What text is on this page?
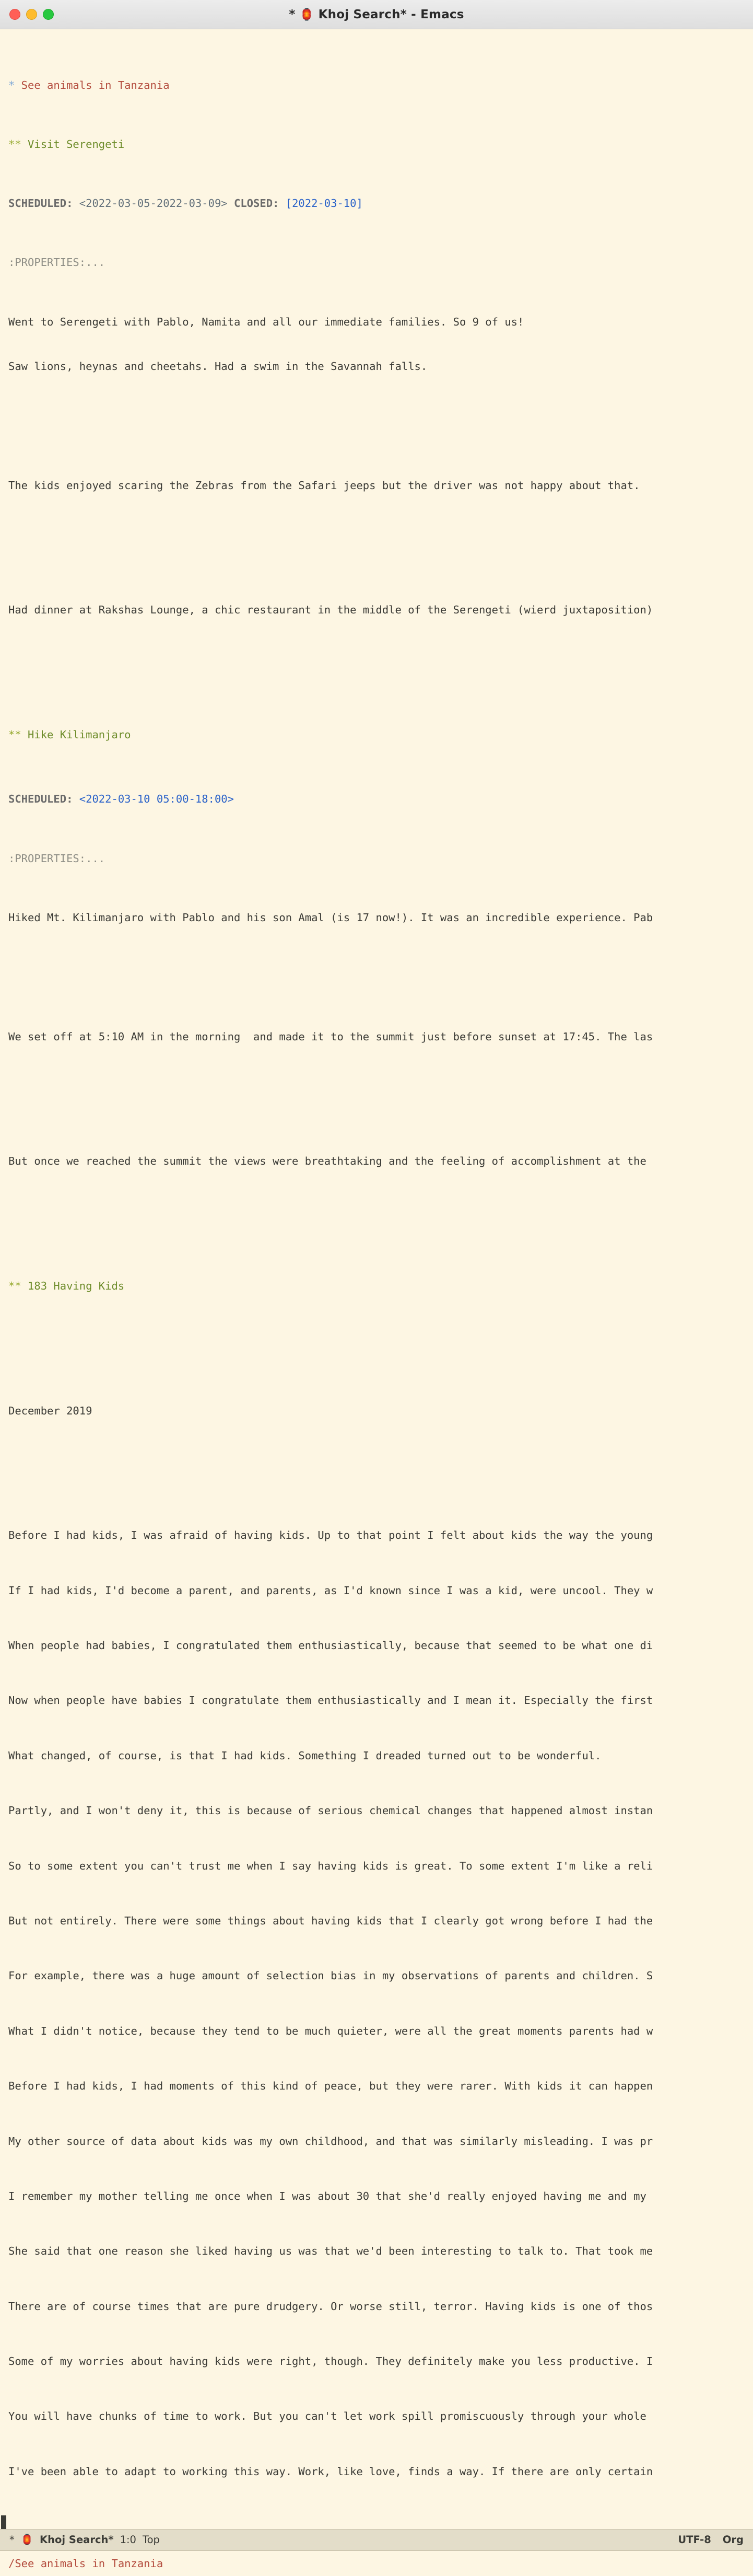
* 🏮 Khoj Search* - Emacs

* See animals in Tanzania

** Visit Serengeti

SCHEDULED: <2022-03-05-2022-03-09> CLOSED: [2022-03-10]

:PROPERTIES:...

Went to Serengeti with Pablo, Namita and all our immediate families. So 9 of us!

Saw lions, heynas and cheetahs. Had a swim in the Savannah falls.

The kids enjoyed scaring the Zebras from the Safari jeeps but the driver was not happy about that.

Had dinner at Rakshas Lounge, a chic restaurant in the middle of the Serengeti (wierd juxtaposition)

** Hike Kilimanjaro

SCHEDULED: <2022-03-10 05:00-18:00>

:PROPERTIES:...

Hiked Mt. Kilimanjaro with Pablo and his son Amal (is 17 now!). It was an incredible experience. Pab

We set off at 5:10 AM in the morning  and made it to the summit just before sunset at 17:45. The las

But once we reached the summit the views were breathtaking and the feeling of accomplishment at the

** 183 Having Kids

December 2019

Before I had kids, I was afraid of having kids. Up to that point I felt about kids the way the young

If I had kids, I'd become a parent, and parents, as I'd known since I was a kid, were uncool. They w

When people had babies, I congratulated them enthusiastically, because that seemed to be what one di

Now when people have babies I congratulate them enthusiastically and I mean it. Especially the first

What changed, of course, is that I had kids. Something I dreaded turned out to be wonderful.

Partly, and I won't deny it, this is because of serious chemical changes that happened almost instan

So to some extent you can't trust me when I say having kids is great. To some extent I'm like a reli

But not entirely. There were some things about having kids that I clearly got wrong before I had the

For example, there was a huge amount of selection bias in my observations of parents and children. S

What I didn't notice, because they tend to be much quieter, were all the great moments parents had w

Before I had kids, I had moments of this kind of peace, but they were rarer. With kids it can happen

My other source of data about kids was my own childhood, and that was similarly misleading. I was pr

I remember my mother telling me once when I was about 30 that she'd really enjoyed having me and my

She said that one reason she liked having us was that we'd been interesting to talk to. That took me

There are of course times that are pure drudgery. Or worse still, terror. Having kids is one of thos

Some of my worries about having kids were right, though. They definitely make you less productive. I

You will have chunks of time to work. But you can't let work spill promiscuously through your whole

I've been able to adapt to working this way. Work, like love, finds a way. If there are only certain

* 🏮 Khoj Search* 1:0 Top	UTF-8 Org
/See animals in Tanzania
